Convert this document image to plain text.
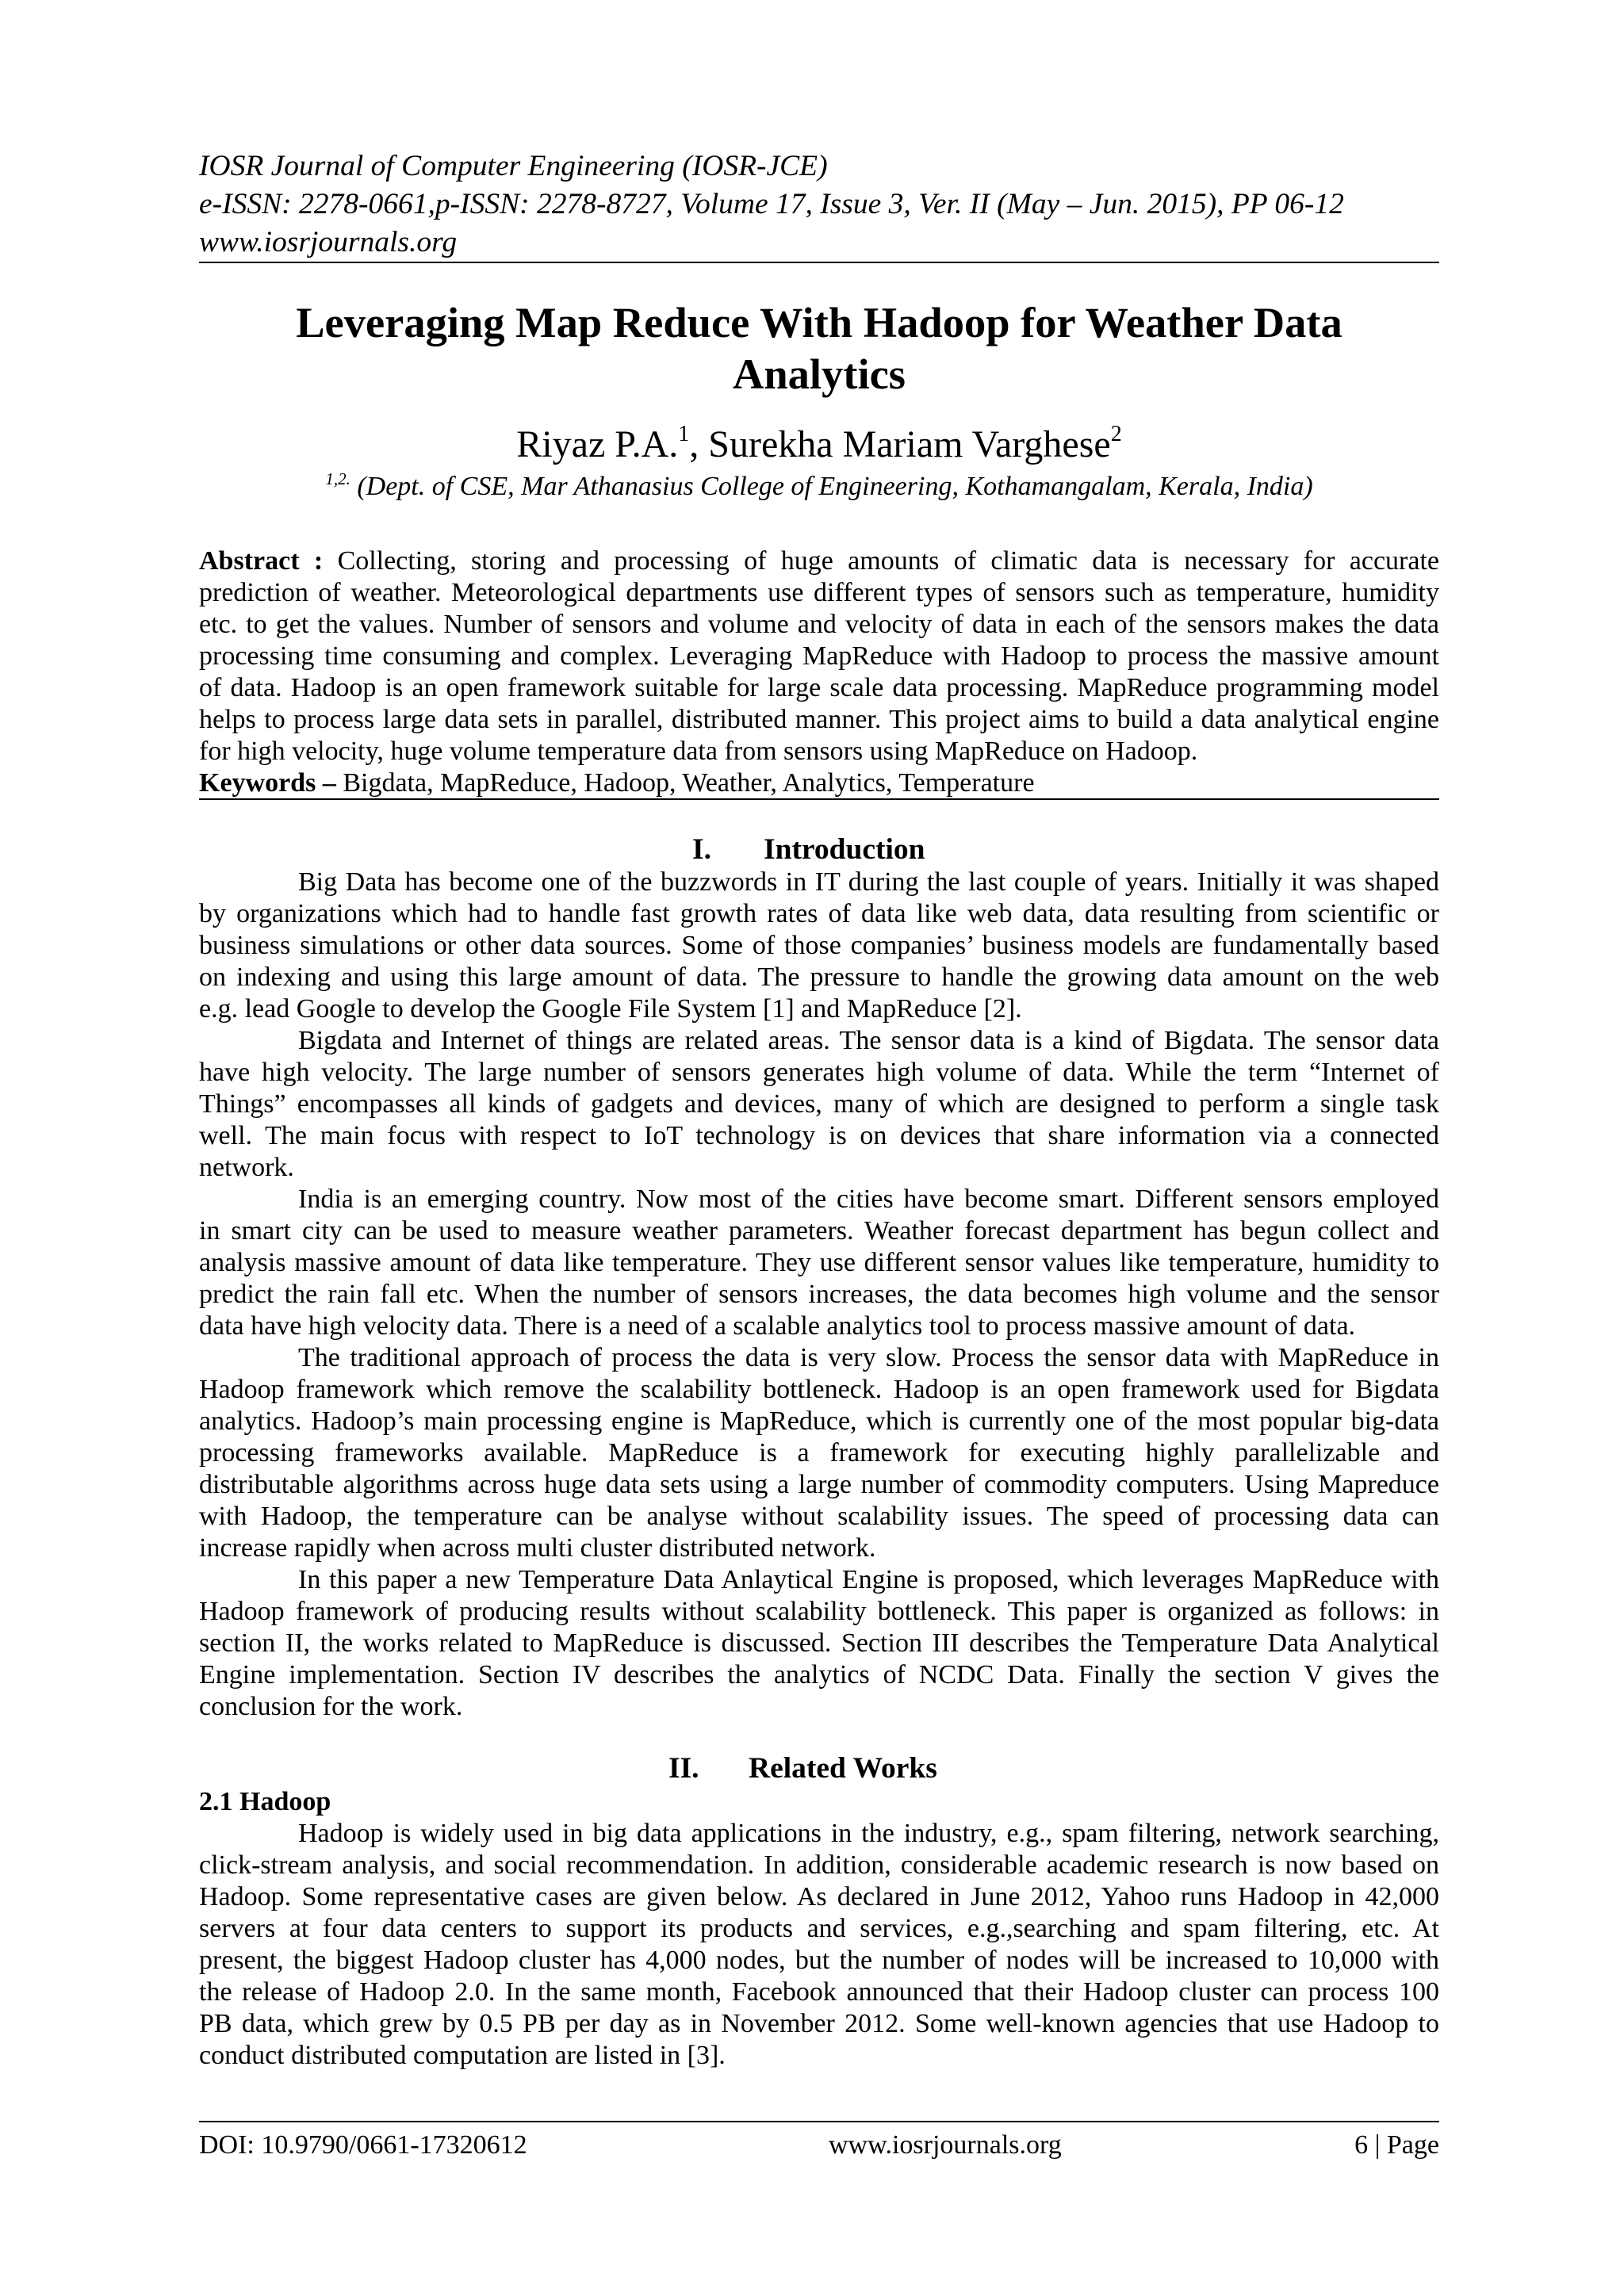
IOSR Journal of Computer Engineering (IOSR-JCE)
e-ISSN: 2278-0661,p-ISSN: 2278-8727, Volume 17, Issue 3, Ver. II (May – Jun. 2015), PP 06-12
www.iosrjournals.org
Leveraging Map Reduce With Hadoop for Weather Data
Analytics
Riyaz P.A.$^1$, Surekha Mariam Varghese$^2$
$^{1,2.}$ (Dept. of CSE, Mar Athanasius College of Engineering, Kothamangalam, Kerala, India)
Abstract : Collecting, storing and processing of huge amounts of climatic data is necessary for accurate
prediction of weather. Meteorological departments use different types of sensors such as temperature, humidity
etc. to get the values. Number of sensors and volume and velocity of data in each of the sensors makes the data
processing time consuming and complex. Leveraging MapReduce with Hadoop to process the massive amount
of data. Hadoop is an open framework suitable for large scale data processing. MapReduce programming model
helps to process large data sets in parallel, distributed manner. This project aims to build a data analytical engine
for high velocity, huge volume temperature data from sensors using MapReduce on Hadoop.
Keywords – Bigdata, MapReduce, Hadoop, Weather, Analytics, Temperature
I. Introduction
Big Data has become one of the buzzwords in IT during the last couple of years. Initially it was shaped
by organizations which had to handle fast growth rates of data like web data, data resulting from scientific or
business simulations or other data sources. Some of those companies’ business models are fundamentally based
on indexing and using this large amount of data. The pressure to handle the growing data amount on the web
e.g. lead Google to develop the Google File System [1] and MapReduce [2].
Bigdata and Internet of things are related areas. The sensor data is a kind of Bigdata. The sensor data
have high velocity. The large number of sensors generates high volume of data. While the term “Internet of
Things” encompasses all kinds of gadgets and devices, many of which are designed to perform a single task
well. The main focus with respect to IoT technology is on devices that share information via a connected
network.
India is an emerging country. Now most of the cities have become smart. Different sensors employed
in smart city can be used to measure weather parameters. Weather forecast department has begun collect and
analysis massive amount of data like temperature. They use different sensor values like temperature, humidity to
predict the rain fall etc. When the number of sensors increases, the data becomes high volume and the sensor
data have high velocity data. There is a need of a scalable analytics tool to process massive amount of data.
The traditional approach of process the data is very slow. Process the sensor data with MapReduce in
Hadoop framework which remove the scalability bottleneck. Hadoop is an open framework used for Bigdata
analytics. Hadoop’s main processing engine is MapReduce, which is currently one of the most popular big-data
processing frameworks available. MapReduce is a framework for executing highly parallelizable and
distributable algorithms across huge data sets using a large number of commodity computers. Using Mapreduce
with Hadoop, the temperature can be analyse without scalability issues. The speed of processing data can
increase rapidly when across multi cluster distributed network.
In this paper a new Temperature Data Anlaytical Engine is proposed, which leverages MapReduce with
Hadoop framework of producing results without scalability bottleneck. This paper is organized as follows: in
section II, the works related to MapReduce is discussed. Section III describes the Temperature Data Analytical
Engine implementation. Section IV describes the analytics of NCDC Data. Finally the section V gives the
conclusion for the work.
II. Related Works
2.1 Hadoop
Hadoop is widely used in big data applications in the industry, e.g., spam filtering, network searching,
click-stream analysis, and social recommendation. In addition, considerable academic research is now based on
Hadoop. Some representative cases are given below. As declared in June 2012, Yahoo runs Hadoop in 42,000
servers at four data centers to support its products and services, e.g.,searching and spam filtering, etc. At
present, the biggest Hadoop cluster has 4,000 nodes, but the number of nodes will be increased to 10,000 with
the release of Hadoop 2.0. In the same month, Facebook announced that their Hadoop cluster can process 100
PB data, which grew by 0.5 PB per day as in November 2012. Some well-known agencies that use Hadoop to
conduct distributed computation are listed in [3].
DOI: 10.9790/0661-17320612	www.iosrjournals.org	6 | Page
